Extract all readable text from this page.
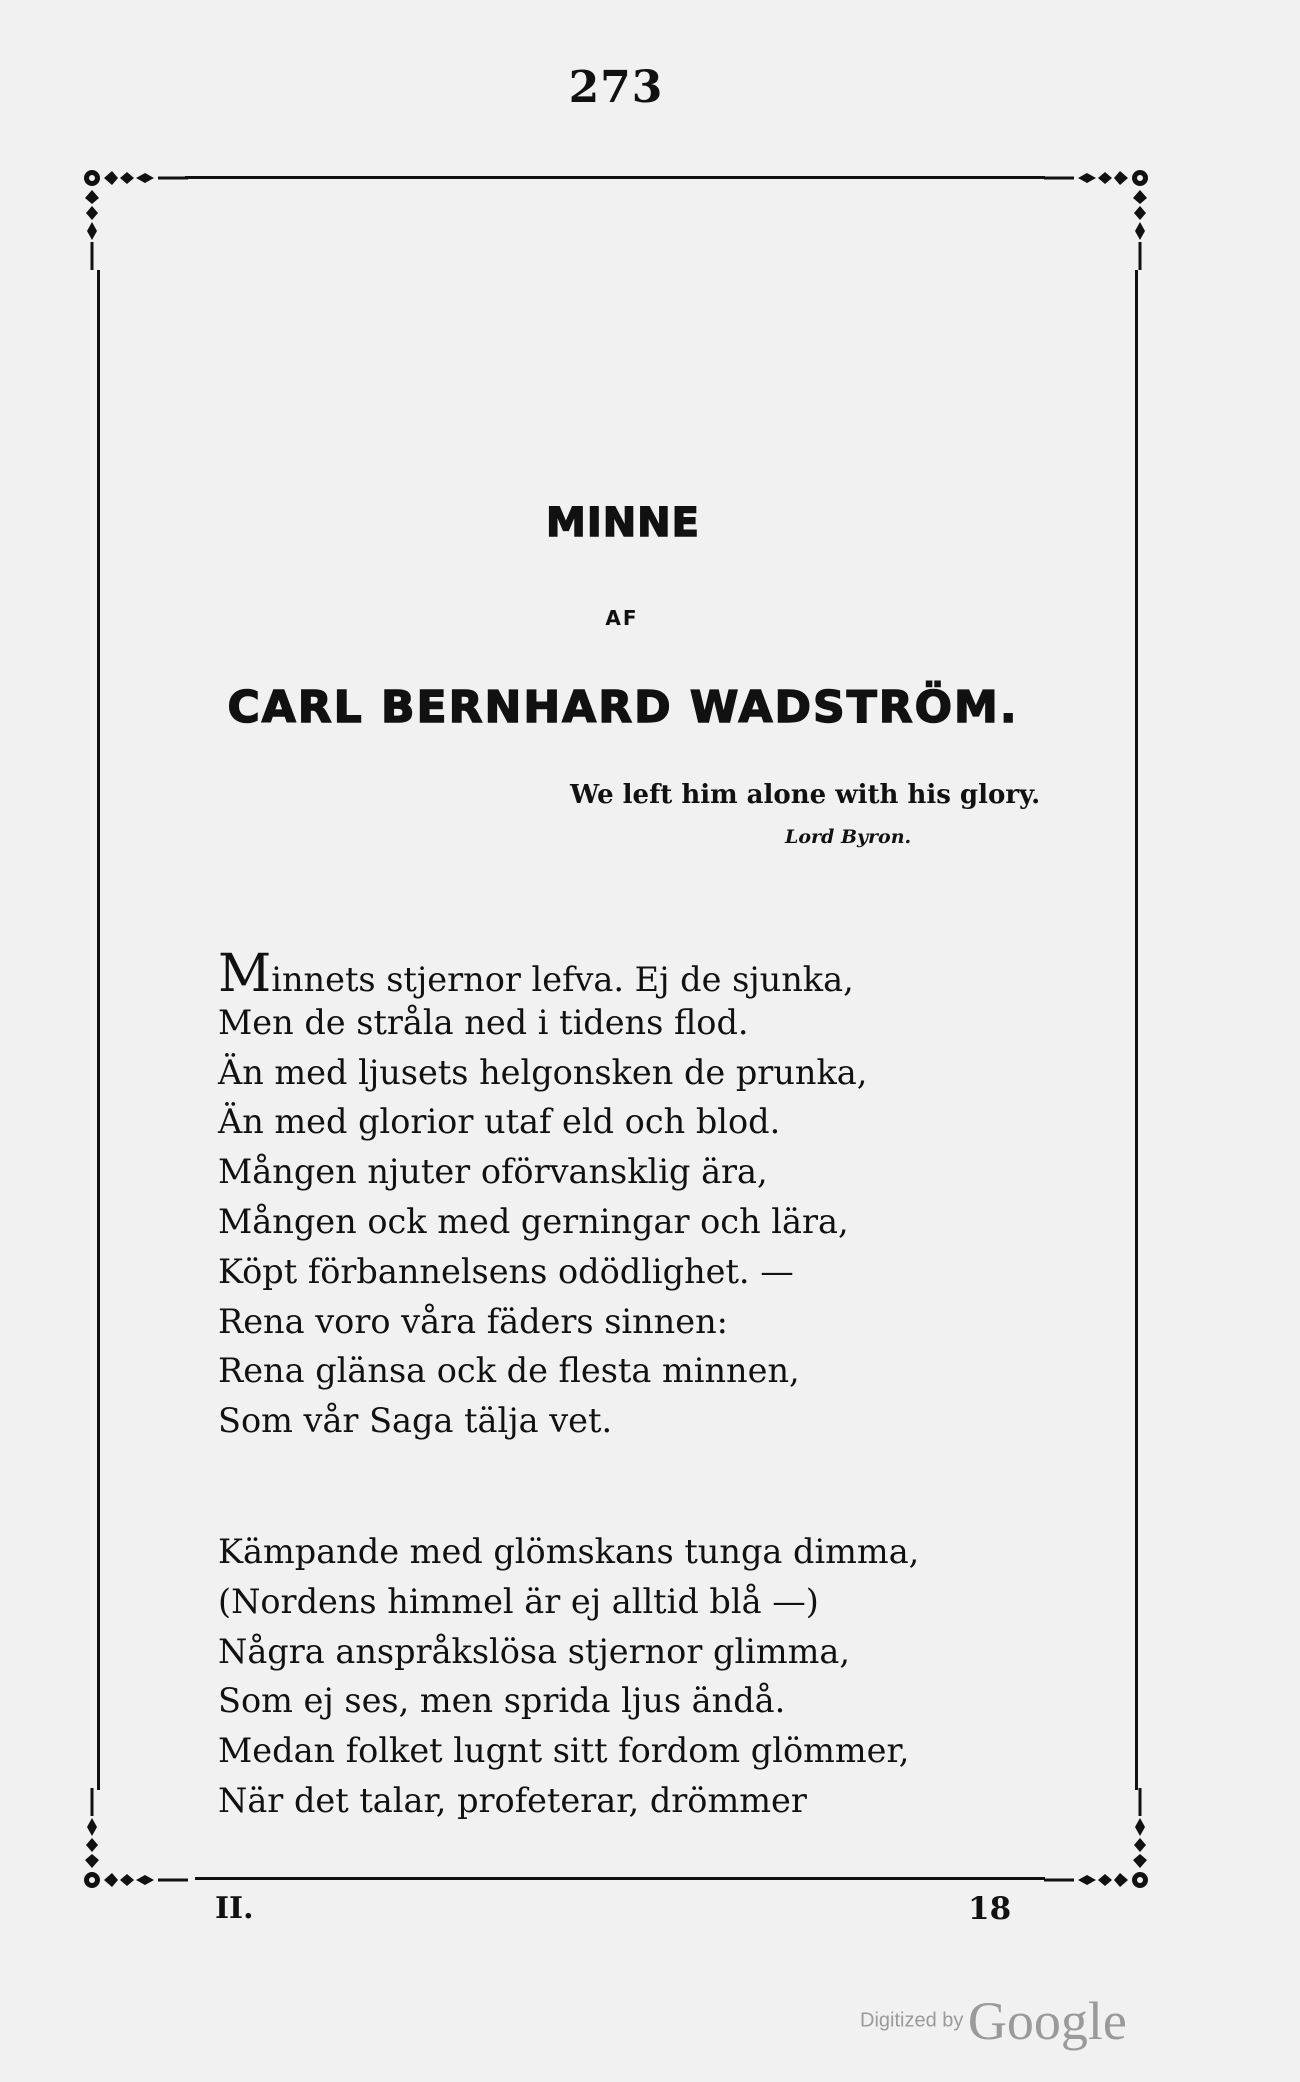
273
MINNE
AF
CARL BERNHARD WADSTRÖM.
We left him alone with his glory.
Lord Byron.
Minnets stjernor lefva. Ej de sjunka,
Men de stråla ned i tidens flod.
Än med ljusets helgonsken de prunka,
Än med glorior utaf eld och blod.
Mången njuter oförvansklig ära,
Mången ock med gerningar och lära,
Köpt förbannelsens odödlighet. —
Rena voro våra fäders sinnen:
Rena glänsa ock de flesta minnen,
Som vår Saga tälja vet.
Kämpande med glömskans tunga dimma,
(Nordens himmel är ej alltid blå —)
Några anspråkslösa stjernor glimma,
Som ej ses, men sprida ljus ändå.
Medan folket lugnt sitt fordom glömmer,
När det talar, profeterar, drömmer
II.	18
Digitized by Google
